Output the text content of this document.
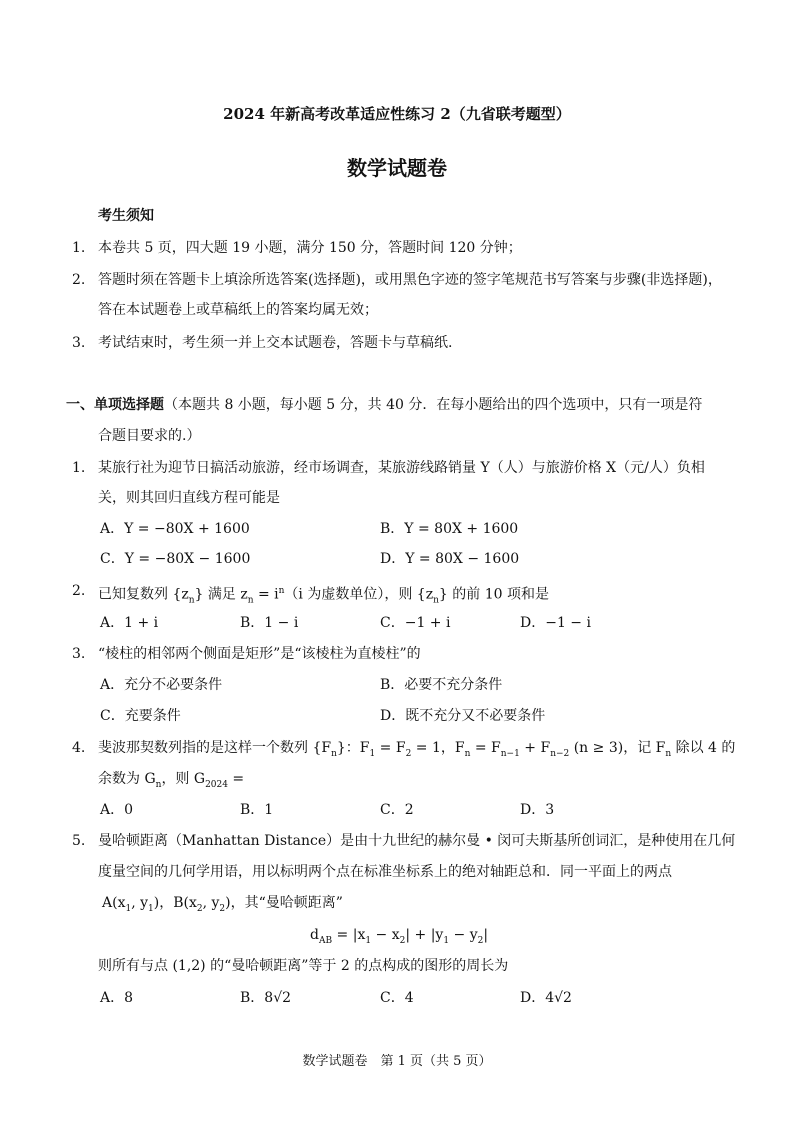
2024 年新高考改革适应性练习 2（九省联考题型）
数学试题卷
考生须知
1. 本卷共 5 页，四大题 19 小题，满分 150 分，答题时间 120 分钟；
2. 答题时须在答题卡上填涂所选答案(选择题)，或用黑色字迹的签字笔规范书写答案与步骤(非选择题)，
答在本试题卷上或草稿纸上的答案均属无效；
3. 考试结束时，考生须一并上交本试题卷，答题卡与草稿纸.
一、单项选择题（本题共 8 小题，每小题 5 分，共 40 分．在每小题给出的四个选项中，只有一项是符
合题目要求的.）
1. 某旅行社为迎节日搞活动旅游，经市场调查，某旅游线路销量 Y（人）与旅游价格 X（元/人）负相
关，则其回归直线方程可能是
A．Y = −80X + 1600	B．Y = 80X + 1600
C．Y = −80X − 1600	D．Y = 80X − 1600
2. 已知复数列 $\{z_n\}$ 满足 $z_n = i^n(i$ 为虚数单位），则 $\{z_n\}$ 的前 10 项和是
A．1 + i	B．1 − i	C．−1 + i	D．−1 − i
3. “棱柱的相邻两个侧面是矩形”是“该棱柱为直棱柱”的
A．充分不必要条件	B．必要不充分条件
C．充要条件	D．既不充分又不必要条件
4. 斐波那契数列指的是这样一个数列 $\{F_n\}$：$F_1 = F_2 = 1$，$F_n = F_{n-1} + F_{n-2}$ (n ≥ 3)，记 $F_n$ 除以 4 的
余数为 $G_n$，则 $G_{2024}$ =
A．0	B．1	C．2	D．3
5. 曼哈顿距离（Manhattan Distance）是由十九世纪的赫尔曼 • 闵可夫斯基所创词汇，是种使用在几何
度量空间的几何学用语，用以标明两个点在标准坐标系上的绝对轴距总和．同一平面上的两点
$A(x_1$, $y_1$)，$B(x_2$, $y_2$)，其“曼哈顿距离”
$d_{AB} = |x_1 - x_2| + |y_1 - y_2|$
则所有与点 (1,2) 的“曼哈顿距离”等于 2 的点构成的图形的周长为
A．8	B．8√2	C．4	D．4√2
数学试题卷　第 1 页（共 5 页）
